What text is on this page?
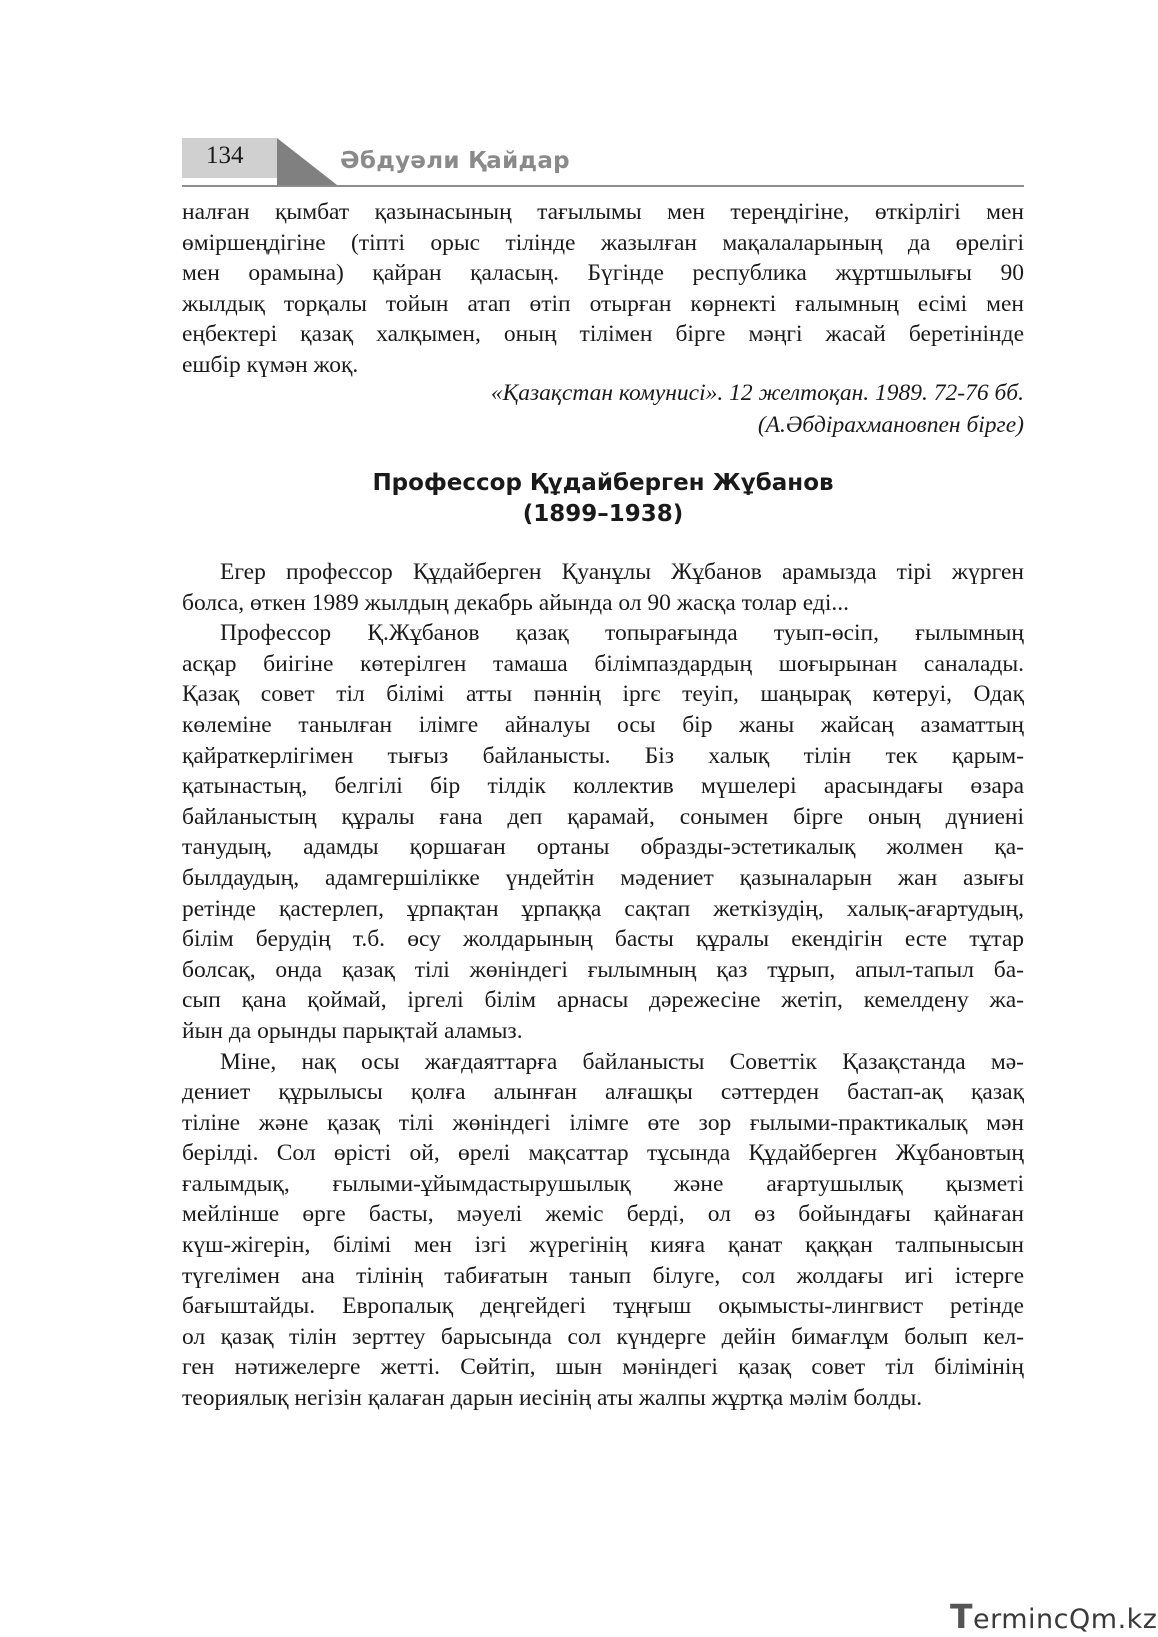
134	Әбдуәли Қайдар

налған қымбат қазынасының тағылымы мен тереңдігіне, өткірлігі мен
өміршеңдігіне (тіпті орыс тілінде жазылған мақалаларының да өрелігі
мен орамына) қайран қаласың. Бүгінде республика жұртшылығы 90
жылдық торқалы тойын атап өтіп отырған көрнекті ғалымның есімі мен
еңбектері қазақ халқымен, оның тілімен бірге мәңгі жасай беретінінде
ешбір күмән жоқ.

«Қазақстан комунисі». 12 желтоқан. 1989. 72-76 бб.
(А.Әбдірахмановпен бірге)
Профессор Құдайберген Жұбанов
(1899–1938)

Егер профессор Құдайберген Қуанұлы Жұбанов арамызда тірі жүрген
болса, өткен 1989 жылдың декабрь айында ол 90 жасқа толар еді...

Профессор Қ.Жұбанов қазақ топырағында туып-өсіп, ғылымның
асқар биігіне көтерілген тамаша білімпаздардың шоғырынан саналады.
Қазақ совет тіл білімі атты пәннің іргє теуіп, шаңырақ көтеруі, Одақ
көлеміне танылған ілімге айналуы осы бір жаны жайсаң азаматтың
қайраткерлігімен тығыз байланысты. Біз халық тілін тек қарым-
қатынастың, белгілі бір тілдік коллектив мүшелері арасындағы өзара
байланыстың құралы ғана деп қарамай, сонымен бірге оның дүниені
танудың, адамды қоршаған ортаны образды-эстетикалық жолмен қа-
былдаудың, адамгершілікке үндейтін мәдениет қазыналарын жан азығы
ретінде қастерлеп, ұрпақтан ұрпаққа сақтап жеткізудің, халық-ағартудың,
білім берудің т.б. өсу жолдарының басты құралы екендігін есте тұтар
болсақ, онда қазақ тілі жөніндегі ғылымның қаз тұрып, апыл-тапыл ба-
сып қана қоймай, іргелі білім арнасы дәрежесіне жетіп, кемелдену жа-
йын да орынды парықтай аламыз.

Міне, нақ осы жағдаяттарға байланысты Советтік Қазақстанда мә-
дениет құрылысы қолға алынған алғашқы сәттерден бастап-ақ қазақ
тіліне және қазақ тілі жөніндегі ілімге өте зор ғылыми-практикалық мән
берілді. Сол өрісті ой, өрелі мақсаттар тұсында Құдайберген Жұбановтың
ғалымдық, ғылыми-ұйымдастырушылық және ағартушылық қызметі
мейлінше өрге басты, мәуелі жеміс берді, ол өз бойындағы қайнаған
күш-жігерін, білімі мен ізгі жүрегінің кияға қанат қаққан талпынысын
түгелімен ана тілінің табиғатын танып білуге, сол жолдағы игі істерге
бағыштайды. Европалық деңгейдегі тұңғыш оқымысты-лингвист ретінде
ол қазақ тілін зерттеу барысында сол күндерге дейін бимағлұм болып кел-
ген нәтижелерге жетті. Сөйтіп, шын мәніндегі қазақ совет тіл білімінің
теориялық негізін қалаған дарын иесінің аты жалпы жұртқа мәлім болды.

TermincQm.kz
